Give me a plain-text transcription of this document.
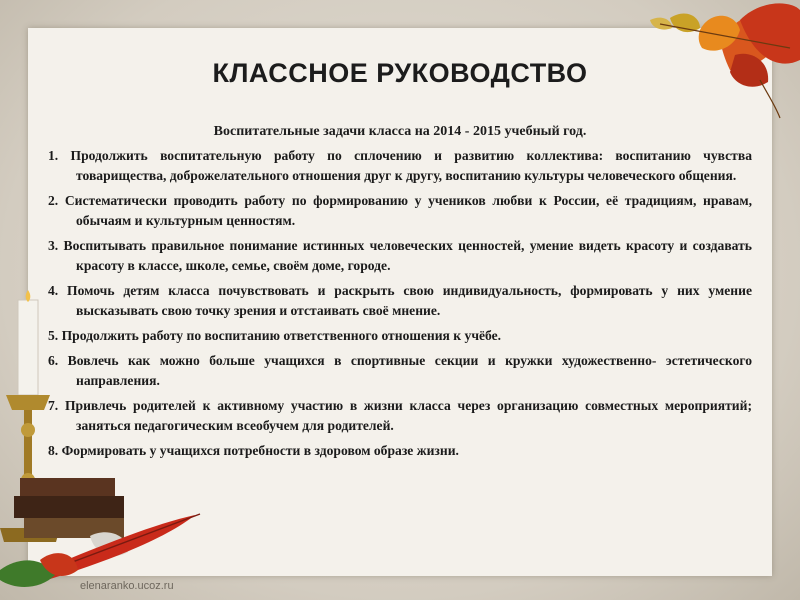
КЛАССНОЕ РУКОВОДСТВО

Воспитательные задачи класса на 2014 - 2015 учебный год.

1. Продолжить воспитательную работу по сплочению и развитию коллектива: воспитанию чувства товарищества, доброжелательного отношения друг к другу, воспитанию культуры человеческого общения.
2. Систематически проводить работу по формированию у учеников любви к России, её традициям, нравам, обычаям и культурным ценностям.
3. Воспитывать правильное понимание истинных человеческих ценностей, умение видеть красоту и создавать красоту в классе, школе, семье, своём доме, городе.
4. Помочь детям класса почувствовать и раскрыть свою индивидуальность, формировать у них умение высказывать свою точку зрения и отстаивать своё мнение.
5. Продолжить работу по воспитанию ответственного отношения к учёбе.
6. Вовлечь как можно больше учащихся в спортивные секции и кружки художественно- эстетического направления.
7. Привлечь родителей к активному участию в жизни класса через организацию совместных мероприятий; заняться педагогическим всеобучем для родителей.
8. Формировать у учащихся потребности в здоровом образе жизни.
elenaranko.ucoz.ru
